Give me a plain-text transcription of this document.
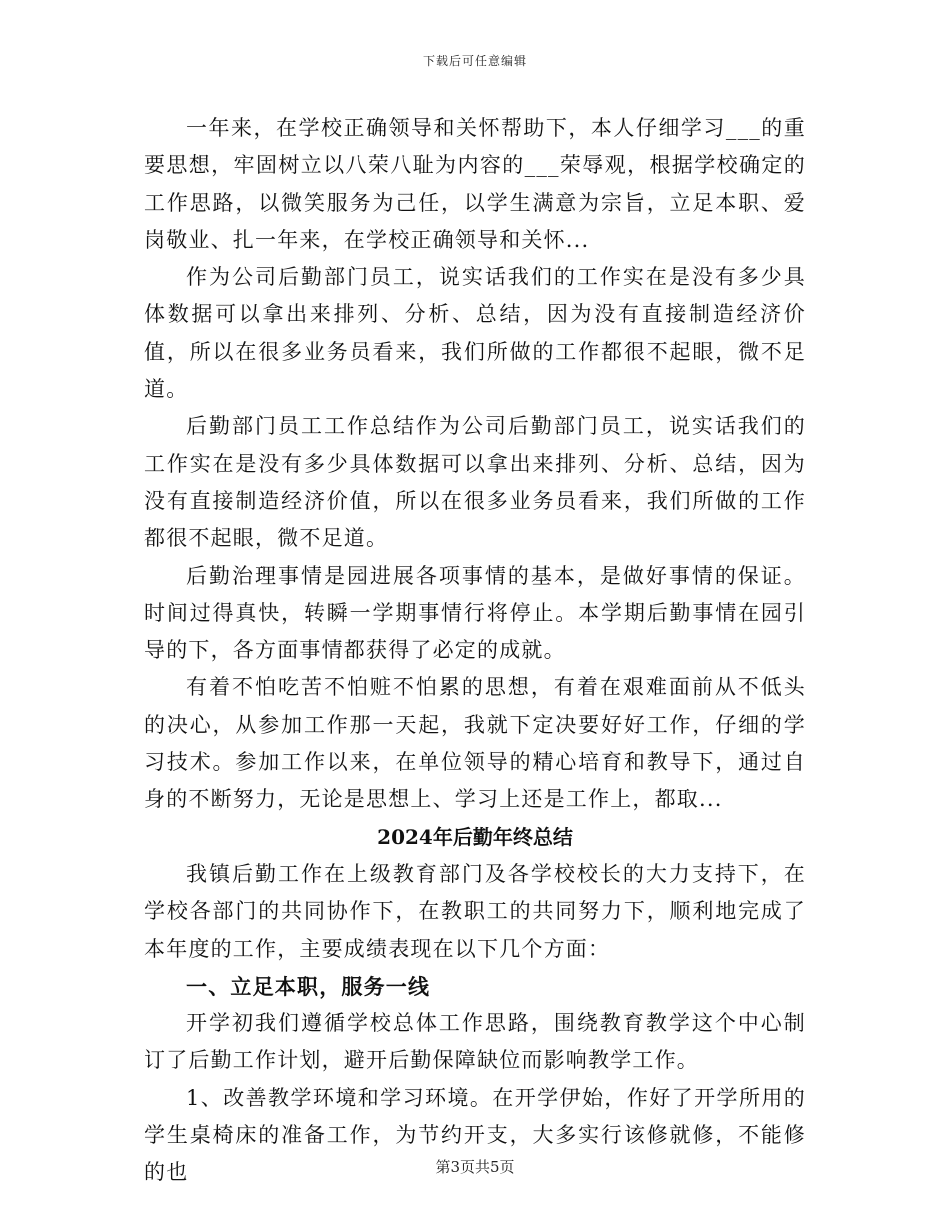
下载后可任意编辑

一年来，在学校正确领导和关怀帮助下，本人仔细学习___的重要思想，牢固树立以八荣八耻为内容的___荣辱观，根据学校确定的工作思路，以微笑服务为己任，以学生满意为宗旨，立足本职、爱岗敬业、扎一年来，在学校正确领导和关怀...

作为公司后勤部门员工，说实话我们的工作实在是没有多少具体数据可以拿出来排列、分析、总结，因为没有直接制造经济价值，所以在很多业务员看来，我们所做的工作都很不起眼，微不足道。

后勤部门员工工作总结作为公司后勤部门员工，说实话我们的工作实在是没有多少具体数据可以拿出来排列、分析、总结，因为没有直接制造经济价值，所以在很多业务员看来，我们所做的工作都很不起眼，微不足道。

后勤治理事情是园进展各项事情的基本，是做好事情的保证。时间过得真快，转瞬一学期事情行将停止。本学期后勤事情在园引导的下，各方面事情都获得了必定的成就。

有着不怕吃苦不怕赃不怕累的思想，有着在艰难面前从不低头的决心，从参加工作那一天起，我就下定决要好好工作，仔细的学习技术。参加工作以来，在单位领导的精心培育和教导下，通过自身的不断努力，无论是思想上、学习上还是工作上，都取...

2024年后勤年终总结

我镇后勤工作在上级教育部门及各学校校长的大力支持下，在学校各部门的共同协作下，在教职工的共同努力下，顺利地完成了本年度的工作，主要成绩表现在以下几个方面：

一、立足本职，服务一线

开学初我们遵循学校总体工作思路，围绕教育教学这个中心制订了后勤工作计划，避开后勤保障缺位而影响教学工作。

1、改善教学环境和学习环境。在开学伊始，作好了开学所用的学生桌椅床的准备工作，为节约开支，大多实行该修就修，不能修的也	第3页共5页
